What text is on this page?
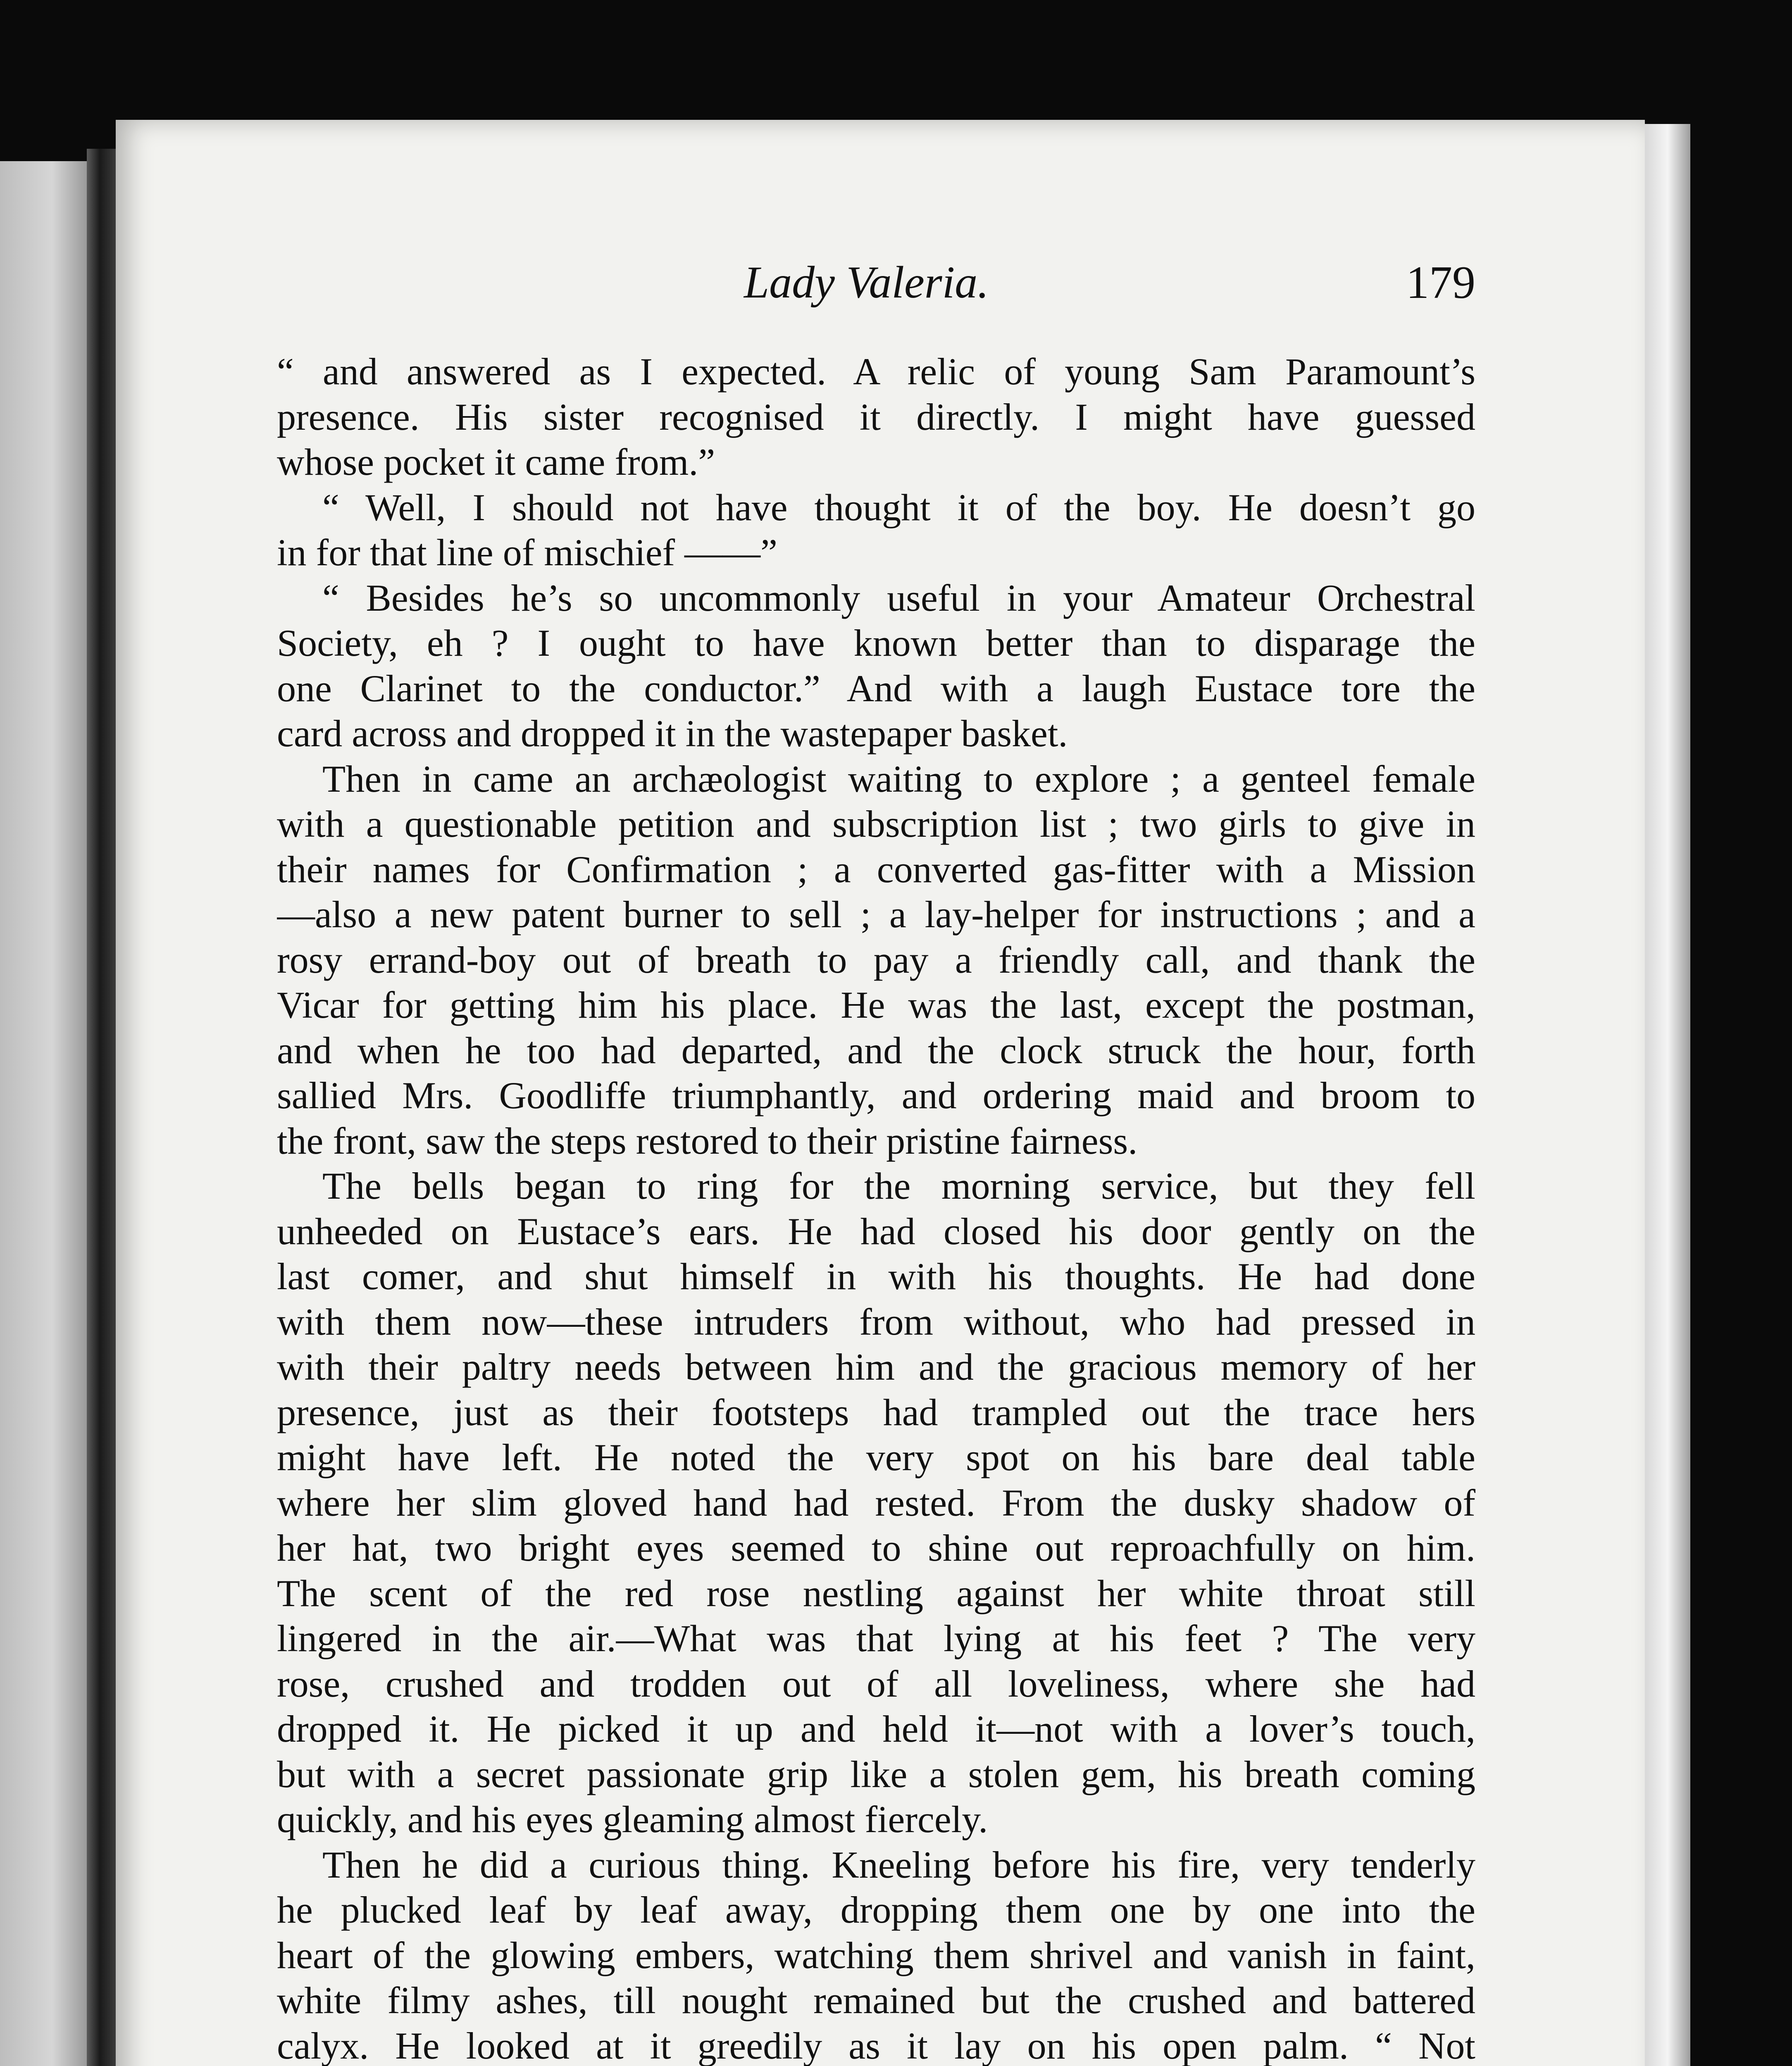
Lady Valeria.	179
“ and answered as I expected. A relic of young Sam Paramount’s
presence. His sister recognised it directly. I might have guessed
whose pocket it came from.”
“ Well, I should not have thought it of the boy. He doesn’t go
in for that line of mischief ——”
“ Besides he’s so uncommonly useful in your Amateur Orchestral
Society, eh ? I ought to have known better than to disparage the
one Clarinet to the conductor.” And with a laugh Eustace tore the
card across and dropped it in the wastepaper basket.
Then in came an archæologist waiting to explore ; a genteel female
with a questionable petition and subscription list ; two girls to give in
their names for Confirmation ; a converted gas-fitter with a Mission
—also a new patent burner to sell ; a lay-helper for instructions ; and a
rosy errand-boy out of breath to pay a friendly call, and thank the
Vicar for getting him his place. He was the last, except the postman,
and when he too had departed, and the clock struck the hour, forth
sallied Mrs. Goodliffe triumphantly, and ordering maid and broom to
the front, saw the steps restored to their pristine fairness.
The bells began to ring for the morning service, but they fell
unheeded on Eustace’s ears. He had closed his door gently on the
last comer, and shut himself in with his thoughts. He had done
with them now—these intruders from without, who had pressed in
with their paltry needs between him and the gracious memory of her
presence, just as their footsteps had trampled out the trace hers
might have left. He noted the very spot on his bare deal table
where her slim gloved hand had rested. From the dusky shadow of
her hat, two bright eyes seemed to shine out reproachfully on him.
The scent of the red rose nestling against her white throat still
lingered in the air.—What was that lying at his feet ? The very
rose, crushed and trodden out of all loveliness, where she had
dropped it. He picked it up and held it—not with a lover’s touch,
but with a secret passionate grip like a stolen gem, his breath coming
quickly, and his eyes gleaming almost fiercely.
Then he did a curious thing. Kneeling before his fire, very tenderly
he plucked leaf by leaf away, dropping them one by one into the
heart of the glowing embers, watching them shrivel and vanish in faint,
white filmy ashes, till nought remained but the crushed and battered
calyx. He looked at it greedily as it lay on his open palm. “ Not
